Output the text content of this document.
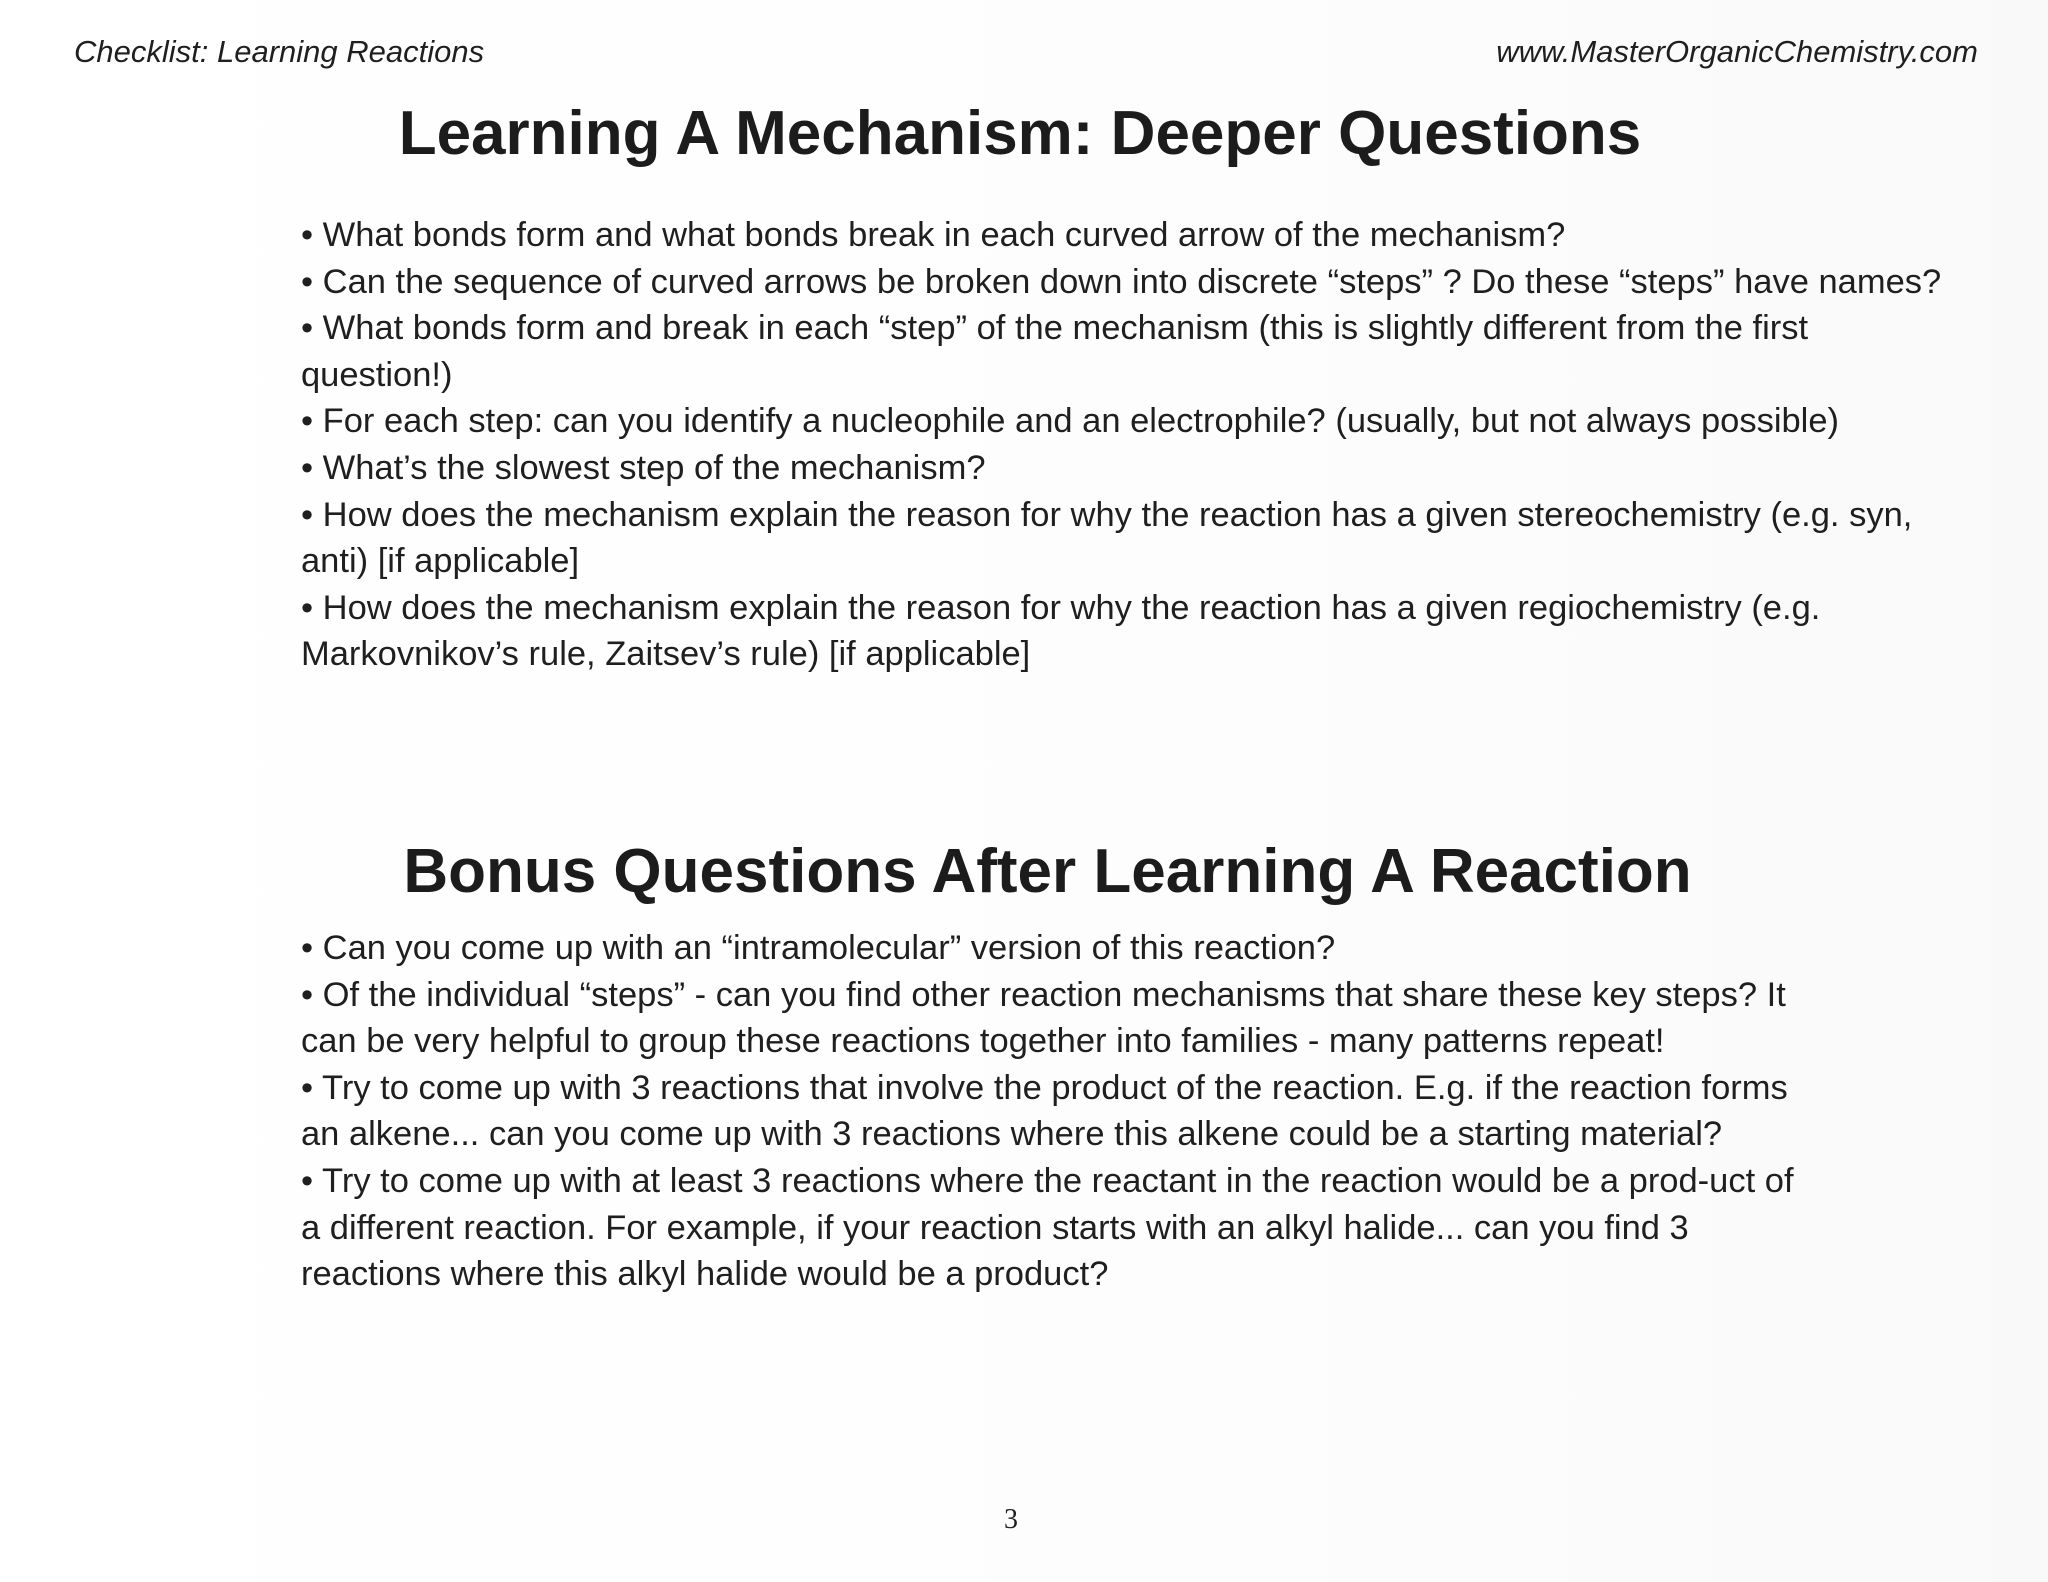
Checklist: Learning Reactions	www.MasterOrganicChemistry.com
Learning A Mechanism: Deeper Questions
• What bonds form and what bonds break in each curved arrow of the mechanism?
• Can the sequence of curved arrows be broken down into discrete “steps” ? Do these “steps” have names?
• What bonds form and break in each “step” of the mechanism (this is slightly different from the first question!)
• For each step: can you identify a nucleophile and an electrophile? (usually, but not always possible)
• What’s the slowest step of the mechanism?
• How does the mechanism explain the reason for why the reaction has a given stereochemistry (e.g. syn, anti) [if applicable]
• How does the mechanism explain the reason for why the reaction has a given regiochemistry (e.g. Markovnikov’s rule, Zaitsev’s rule) [if applicable]
Bonus Questions After Learning A Reaction
• Can you come up with an “intramolecular” version of this reaction?
• Of the individual “steps” - can you find other reaction mechanisms that share these key steps? It can be very helpful to group these reactions together into families - many patterns repeat!
• Try to come up with 3 reactions that involve the product of the reaction. E.g. if the reaction forms an alkene... can you come up with 3 reactions where this alkene could be a starting material?
• Try to come up with at least 3 reactions where the reactant in the reaction would be a prod-uct of a different reaction. For example, if your reaction starts with an alkyl halide... can you find 3 reactions where this alkyl halide would be a product?
3
